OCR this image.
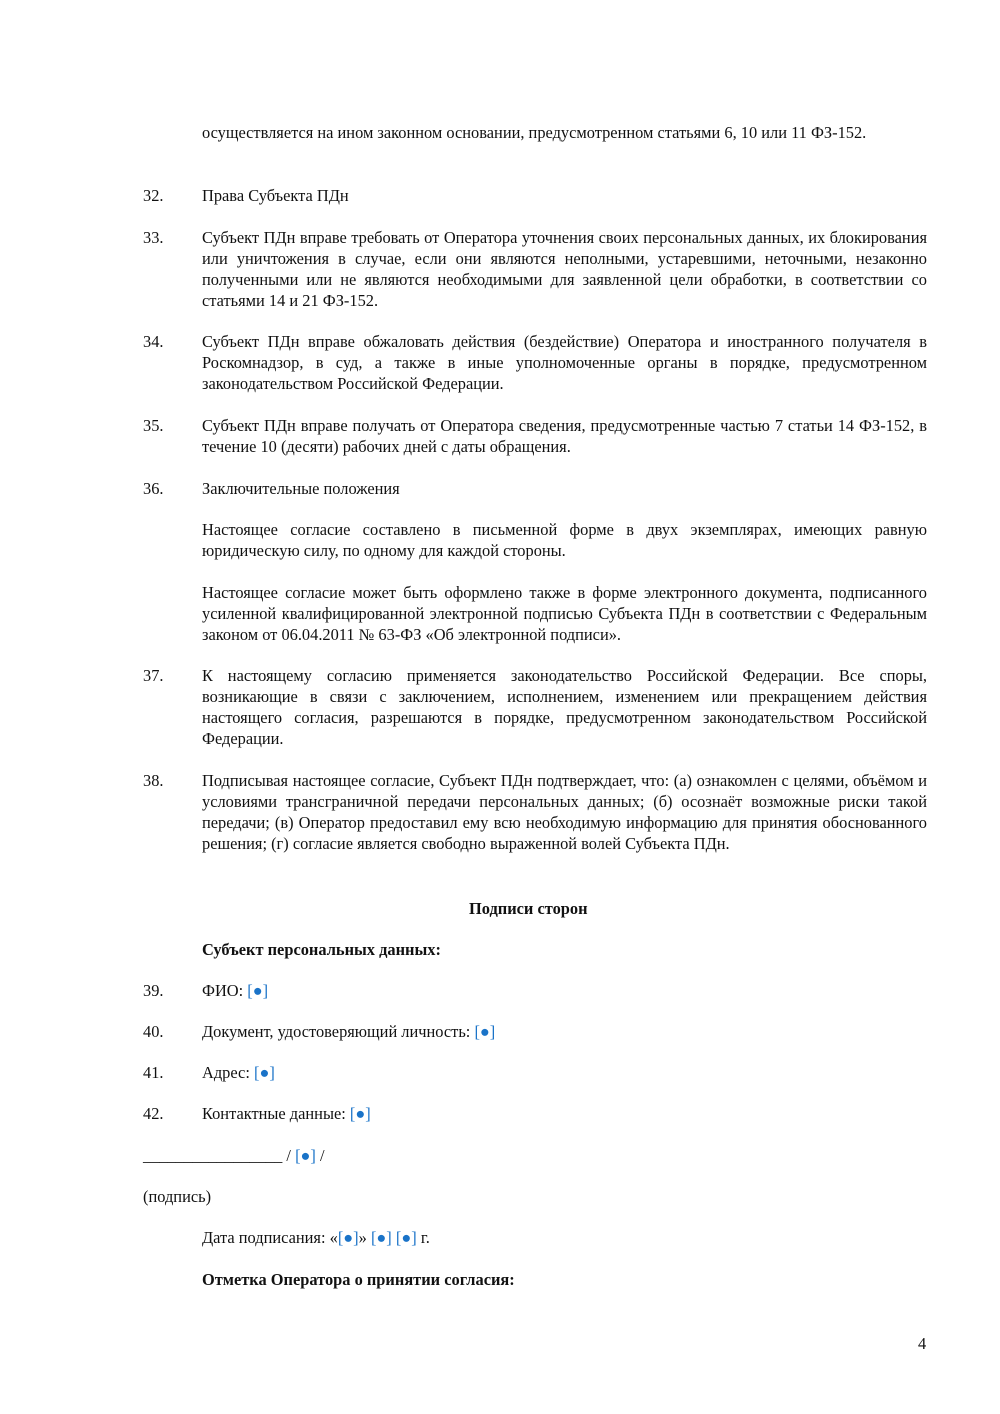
осуществляется на ином законном основании, предусмотренном статьями 6, 10 или 11 ФЗ-152.

32. Права Субъекта ПДн

33. Субъект ПДн вправе требовать от Оператора уточнения своих персональных данных, их блокирования или уничтожения в случае, если они являются неполными, устаревшими, неточными, незаконно полученными или не являются необходимыми для заявленной цели обработки, в соответствии со статьями 14 и 21 ФЗ-152.

34. Субъект ПДн вправе обжаловать действия (бездействие) Оператора и иностранного получателя в Роскомнадзор, в суд, а также в иные уполномоченные органы в порядке, предусмотренном законодательством Российской Федерации.

35. Субъект ПДн вправе получать от Оператора сведения, предусмотренные частью 7 статьи 14 ФЗ-152, в течение 10 (десяти) рабочих дней с даты обращения.

36. Заключительные положения

Настоящее согласие составлено в письменной форме в двух экземплярах, имеющих равную юридическую силу, по одному для каждой стороны.

Настоящее согласие может быть оформлено также в форме электронного документа, подписанного усиленной квалифицированной электронной подписью Субъекта ПДн в соответствии с Федеральным законом от 06.04.2011 № 63-ФЗ «Об электронной подписи».

37. К настоящему согласию применяется законодательство Российской Федерации. Все споры, возникающие в связи с заключением, исполнением, изменением или прекращением действия настоящего согласия, разрешаются в порядке, предусмотренном законодательством Российской Федерации.

38. Подписывая настоящее согласие, Субъект ПДн подтверждает, что: (а) ознакомлен с целями, объёмом и условиями трансграничной передачи персональных данных; (б) осознаёт возможные риски такой передачи; (в) Оператор предоставил ему всю необходимую информацию для принятия обоснованного решения; (г) согласие является свободно выраженной волей Субъекта ПДн.

Подписи сторон

Субъект персональных данных:

39. ФИО: [●]

40. Документ, удостоверяющий личность: [●]

41. Адрес: [●]

42. Контактные данные: [●]

_________________ / [●] /

(подпись)

Дата подписания: «[●]» [●] [●] г.

Отметка Оператора о принятии согласия:

4
